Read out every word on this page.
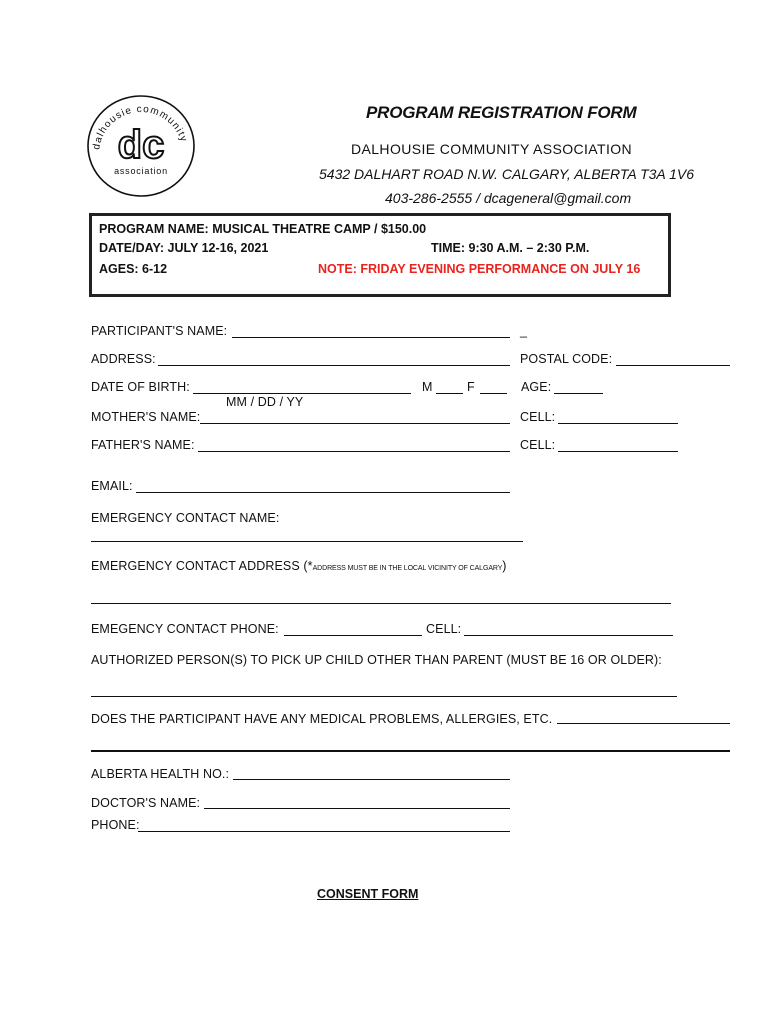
dalhousie community
dc
association
PROGRAM REGISTRATION FORM
DALHOUSIE COMMUNITY ASSOCIATION
5432 DALHART ROAD N.W. CALGARY, ALBERTA T3A 1V6
403-286-2555 / dcageneral@gmail.com
PROGRAM NAME: MUSICAL THEATRE CAMP / $150.00
DATE/DAY: JULY 12-16, 2021	TIME: 9:30 A.M. – 2:30 P.M.
AGES: 6-12	NOTE: FRIDAY EVENING PERFORMANCE ON JULY 16
PARTICIPANT'S NAME:	_
ADDRESS:	POSTAL CODE:
DATE OF BIRTH:	M	F	AGE:
MM / DD / YY
MOTHER'S NAME:	CELL:
FATHER'S NAME:	CELL:
EMAIL:
EMERGENCY CONTACT NAME:
EMERGENCY CONTACT ADDRESS (*ADDRESS MUST BE IN THE LOCAL VICINITY OF CALGARY)
EMEGENCY CONTACT PHONE:	CELL:
AUTHORIZED PERSON(S) TO PICK UP CHILD OTHER THAN PARENT (MUST BE 16 OR OLDER):
DOES THE PARTICIPANT HAVE ANY MEDICAL PROBLEMS, ALLERGIES, ETC.
ALBERTA HEALTH NO.:
DOCTOR'S NAME:
PHONE:
CONSENT FORM
